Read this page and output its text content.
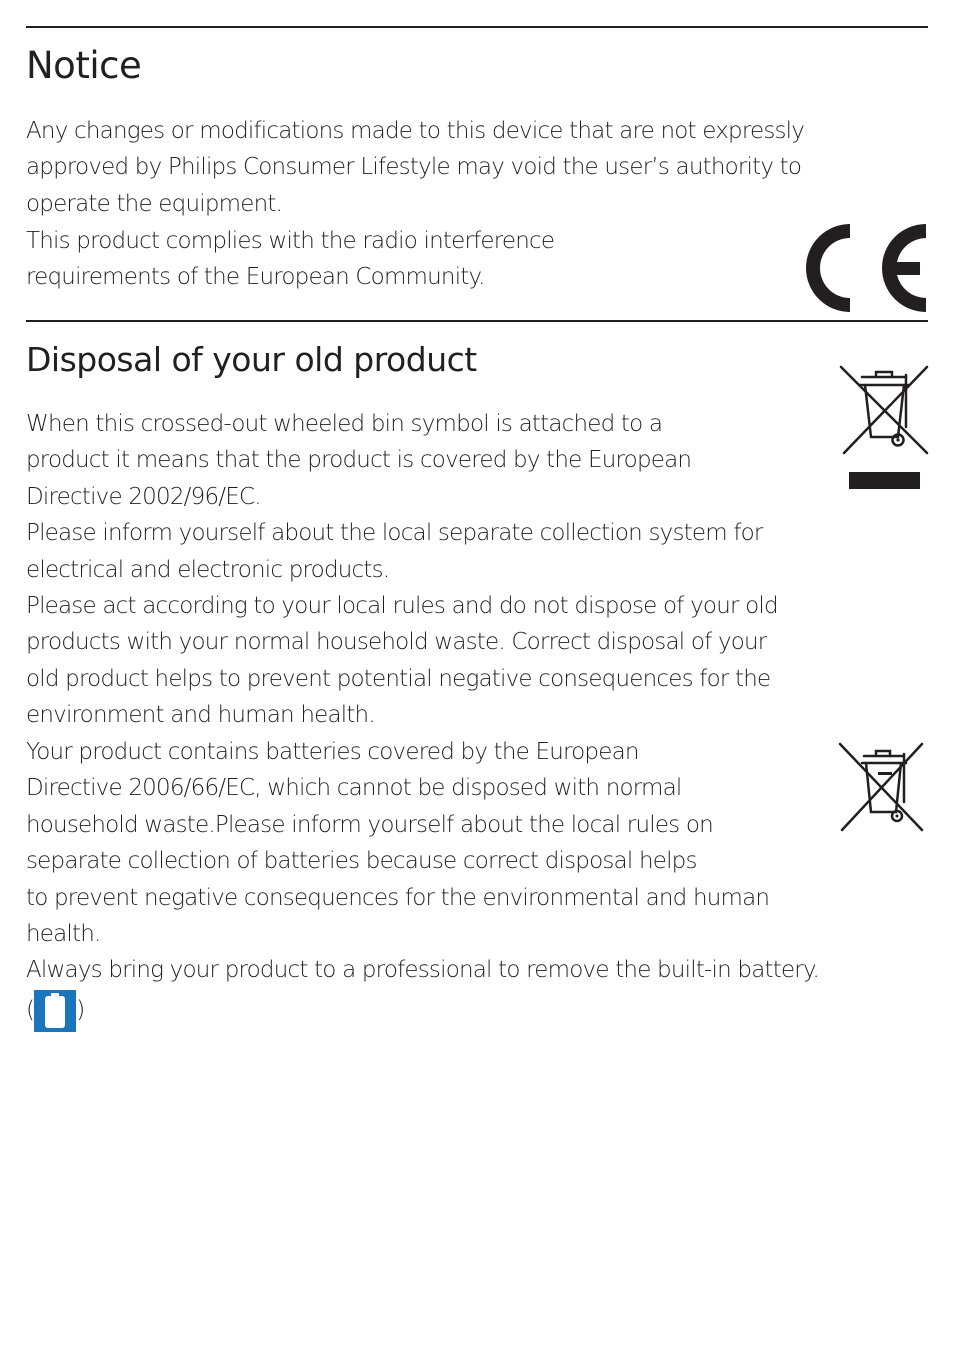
Notice

Any changes or modifications made to this device that are not expressly
approved by Philips Consumer Lifestyle may void the user’s authority to
operate the equipment.

This product complies with the radio interference
requirements of the European Community.

Disposal of your old product

When this crossed-out wheeled bin symbol is attached to a
product it means that the product is covered by the European
Directive 2002/96/EC.
Please inform yourself about the local separate collection system for
electrical and electronic products.
Please act according to your local rules and do not dispose of your old
products with your normal household waste. Correct disposal of your
old product helps to prevent potential negative consequences for the
environment and human health.

Your product contains batteries covered by the European
Directive 2006/66/EC, which cannot be disposed with normal
household waste.Please inform yourself about the local rules on
separate collection of batteries because correct disposal helps
to prevent negative consequences for the environmental and human
health.
Always bring your product to a professional to remove the built-in battery.
( )
